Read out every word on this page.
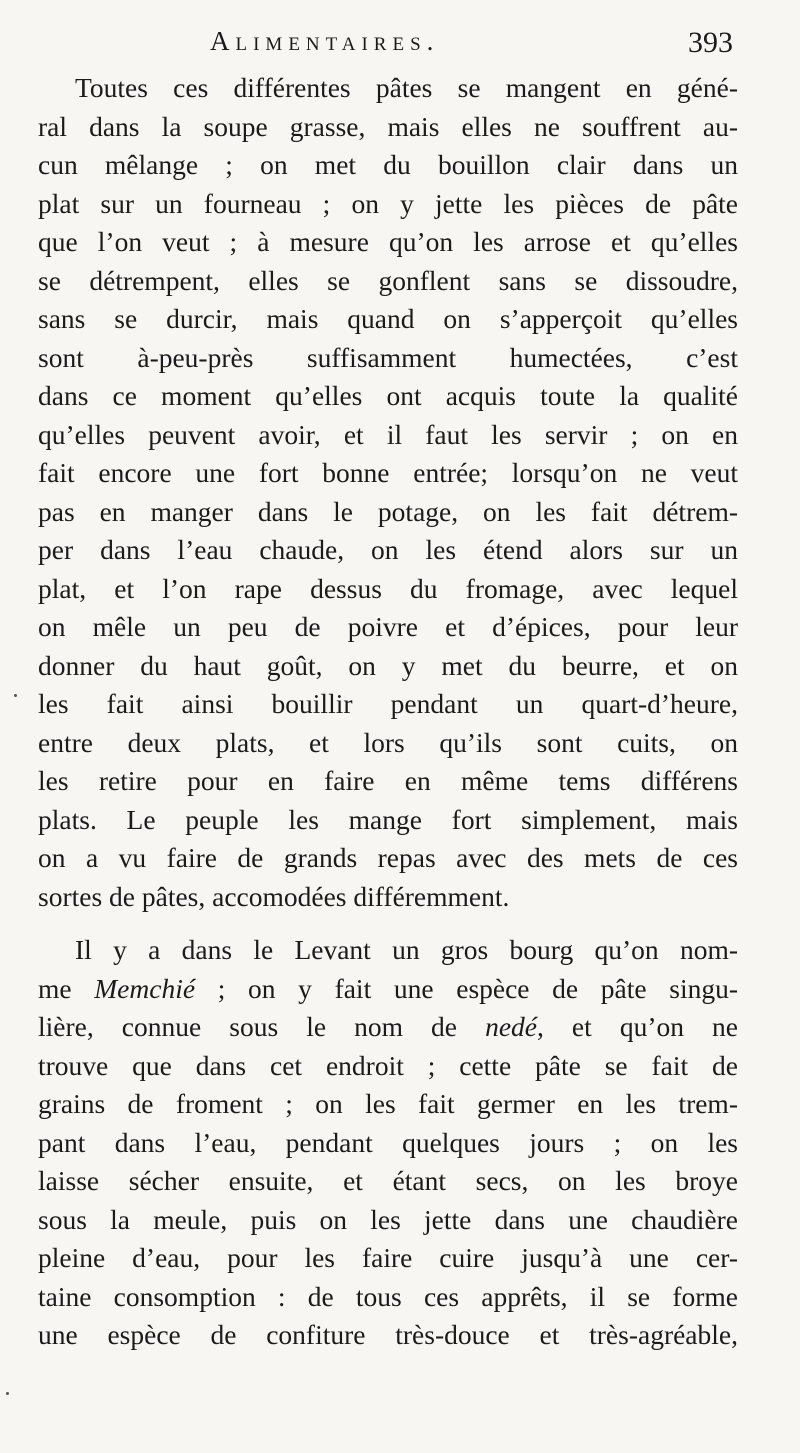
Alimentaires.	393
Toutes ces différentes pâtes se mangent en géné-
ral dans la soupe grasse, mais elles ne souffrent au-
cun mêlange ; on met du bouillon clair dans un
plat sur un fourneau ; on y jette les pièces de pâte
que l’on veut ; à mesure qu’on les arrose et qu’elles
se détrempent, elles se gonflent sans se dissoudre,
sans se durcir, mais quand on s’apperçoit qu’elles
sont à-peu-près suffisamment humectées, c’est
dans ce moment qu’elles ont acquis toute la qualité
qu’elles peuvent avoir, et il faut les servir ; on en
fait encore une fort bonne entrée; lorsqu’on ne veut
pas en manger dans le potage, on les fait détrem-
per dans l’eau chaude, on les étend alors sur un
plat, et l’on rape dessus du fromage, avec lequel
on mêle un peu de poivre et d’épices, pour leur
donner du haut goût, on y met du beurre, et on
les fait ainsi bouillir pendant un quart-d’heure,
entre deux plats, et lors qu’ils sont cuits, on
les retire pour en faire en même tems différens
plats. Le peuple les mange fort simplement, mais
on a vu faire de grands repas avec des mets de ces
sortes de pâtes, accomodées différemment.
Il y a dans le Levant un gros bourg qu’on nom-
me Memchié ; on y fait une espèce de pâte singu-
lière, connue sous le nom de nedé, et qu’on ne
trouve que dans cet endroit ; cette pâte se fait de
grains de froment ; on les fait germer en les trem-
pant dans l’eau, pendant quelques jours ; on les
laisse sécher ensuite, et étant secs, on les broye
sous la meule, puis on les jette dans une chaudière
pleine d’eau, pour les faire cuire jusqu’à une cer-
taine consomption : de tous ces apprêts, il se forme
une espèce de confiture très-douce et très-agréable,
